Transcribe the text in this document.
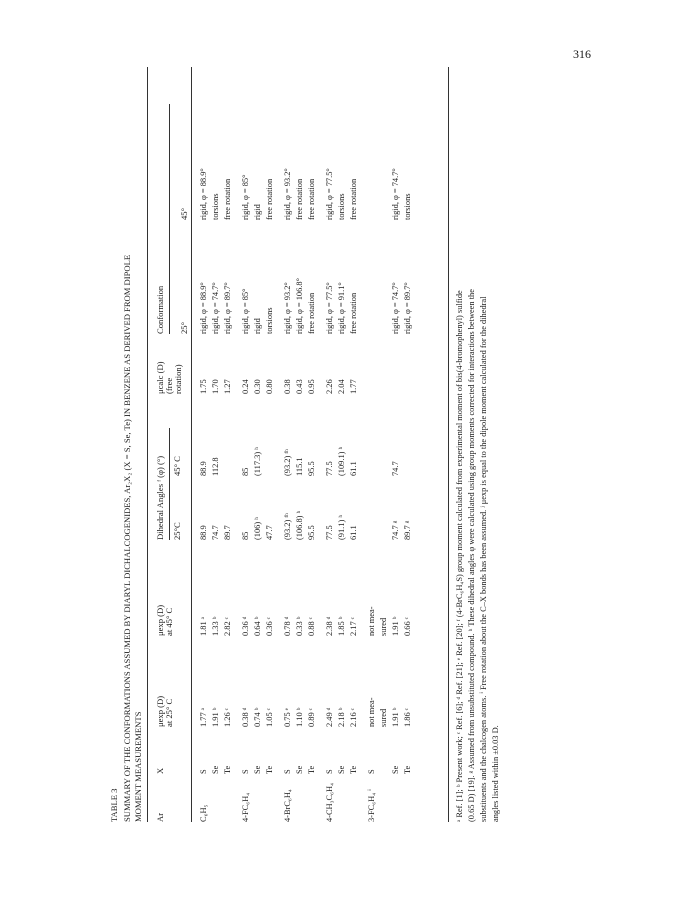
316
TABLE 3 SUMMARY OF THE CONFORMATIONS ASSUMED BY DIARYL DICHALCOGENIDES, Ar₂X₂ (X = S, Se, Te) IN BENZENE AS DERIVED FROM DIPOLE MOMENT MEASUREMENTS Ar
X
μexp (D) at 25° C
μexp (D) at 45° C
Dihedral Angles ᶠ (φ) (°) 25°C
45° C
μcalc (D) (free rotation)
Conformation 25°
45°
C₆H₅
S
1.77 ᵃ
1.81 ᵃ
88.9
88.9
1.75
rigid, φ = 88.9°
rigid, φ = 88.9°
Se
1.91 ᵇ
1.33 ᵇ
74.7
112.8
1.70
rigid, φ = 74.7°
torsions
Te
1.26 ᶜ
2.82 ᶜ
89.7
1.27
rigid, φ = 89.7°
free rotation
4-FC₆H₄
S
0.38 ᵈ
0.36 ᵈ
85
85
0.24
rigid, φ = 85°
rigid, φ = 85°
Se
0.74 ᵇ
0.64 ᵇ
(106) ʰ
(117.3) ʰ
0.30
rigid
rigid
Te
1.05 ᶜ
0.36 ᶜ
47.7
0.80
torsions
free rotation
4-BrC₆H₄
S
0.75 ᵉ
0.78 ᵈ
(93.2) ᶠʰ
(93.2) ᶠʰ
0.38
rigid, φ = 93.2°
rigid, φ = 93.2°
Se
1.10 ᵇ
0.33 ᵇ
(106.8) ʰ
115.1
0.43
rigid, φ = 106.8°
free rotation
Te
0.89 ᶜ
0.88 ᶜ
95.5
95.5
0.95
free rotation
free rotation
4-CH₃C₆H₄
S
2.49 ᵈ
2.38 ᵈ
77.5
77.5
2.26
rigid, φ = 77.5°
rigid, φ = 77.5°
Se
2.18 ᵇ
1.85 ᵇ
(91.1) ʰ
(109.1) ʰ
2.04
rigid, φ = 91.1°
torsions
Te
2.16 ᶜ
2.17 ᶜ
61.1
61.1
1.77
free rotation
free rotation
3-FC₆H₄ ⁱ
S
not mea-
not mea-
sured
sured
Se
1.91 ᵇ
1.91 ᵇ
74.7 ᵍ
74.7
rigid, φ = 74.7°
rigid, φ = 74.7°
Te
1.86 ᶜ
0.66 ᶜ
89.7 ᵍ
rigid, φ = 89.7°
torsions
ᵃ Ref. [1]; ᵇ Present work; ᶜ Ref. [6]; ᵈ Ref. [21]; ᵉ Ref. [20]; ᶠ (4-BrC₆H₄S) group moment calculated from experimental moment of bis(4-bromophenyl) sulfide (0.65 D) [19]. ᵍ Assumed from unsubstituted compound. ʰ These dihedral angles φ were calculated using group moments corrected for interactions between the substituents and the chalcogen atoms. ⁱ Free rotation about the C–X bonds has been assumed. ʲ μexp is equal to the dipole moment calculated for the dihedral angles listed within ±0.03 D.
